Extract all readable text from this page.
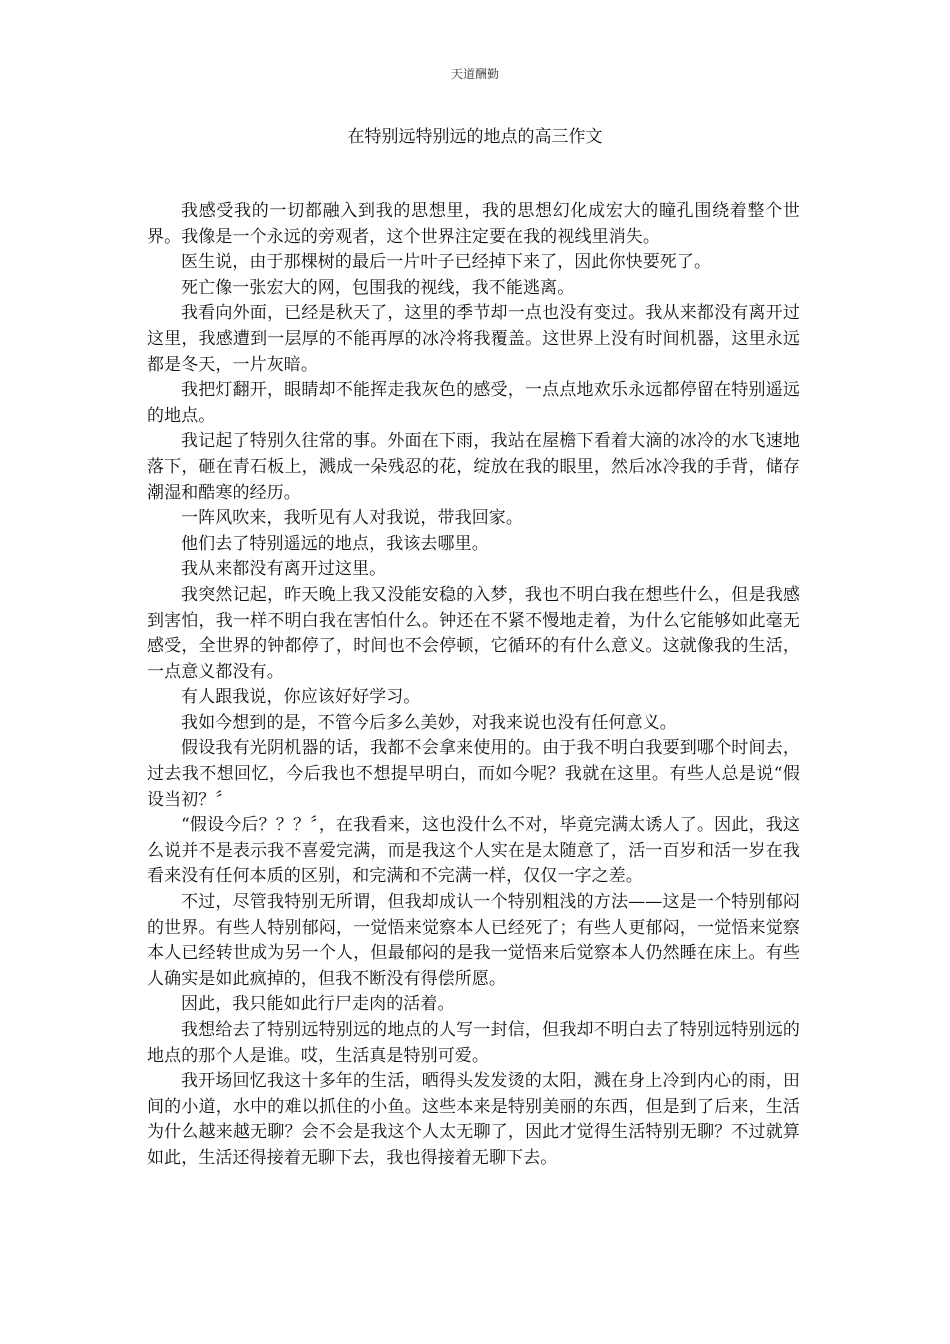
天道酬勤
在特别远特别远的地点的高三作文

我感受我的一切都融入到我的思想里，我的思想幻化成宏大的瞳孔围绕着整个世界。我像是一个永远的旁观者，这个世界注定要在我的视线里消失。

医生说，由于那棵树的最后一片叶子已经掉下来了，因此你快要死了。

死亡像一张宏大的网，包围我的视线，我不能逃离。

我看向外面，已经是秋天了，这里的季节却一点也没有变过。我从来都没有离开过这里，我感遭到一层厚的不能再厚的冰冷将我覆盖。这世界上没有时间机器，这里永远都是冬天，一片灰暗。

我把灯翻开，眼睛却不能挥走我灰色的感受，一点点地欢乐永远都停留在特别遥远的地点。

我记起了特别久往常的事。外面在下雨，我站在屋檐下看着大滴的冰冷的水飞速地落下，砸在青石板上，溅成一朵残忍的花，绽放在我的眼里，然后冰冷我的手背，储存潮湿和酷寒的经历。

一阵风吹来，我听见有人对我说，带我回家。

他们去了特别遥远的地点，我该去哪里。

我从来都没有离开过这里。

我突然记起，昨天晚上我又没能安稳的入梦，我也不明白我在想些什么，但是我感到害怕，我一样不明白我在害怕什么。钟还在不紧不慢地走着，为什么它能够如此毫无感受，全世界的钟都停了，时间也不会停顿，它循环的有什么意义。这就像我的生活，一点意义都没有。

有人跟我说，你应该好好学习。

我如今想到的是，不管今后多么美妙，对我来说也没有任何意义。

假设我有光阴机器的话，我都不会拿来使用的。由于我不明白我要到哪个时间去，过去我不想回忆，今后我也不想提早明白，而如今呢？我就在这里。有些人总是说“假设当初？〞

“假设今后？？？〞，在我看来，这也没什么不对，毕竟完满太诱人了。因此，我这么说并不是表示我不喜爱完满，而是我这个人实在是太随意了，活一百岁和活一岁在我看来没有任何本质的区别，和完满和不完满一样，仅仅一字之差。

不过，尽管我特别无所谓，但我却成认一个特别粗浅的方法——这是一个特别郁闷的世界。有些人特别郁闷，一觉悟来觉察本人已经死了；有些人更郁闷，一觉悟来觉察本人已经转世成为另一个人，但最郁闷的是我一觉悟来后觉察本人仍然睡在床上。有些人确实是如此疯掉的，但我不断没有得偿所愿。

因此，我只能如此行尸走肉的活着。

我想给去了特别远特别远的地点的人写一封信，但我却不明白去了特别远特别远的地点的那个人是谁。哎，生活真是特别可爱。

我开场回忆我这十多年的生活，晒得头发发烫的太阳，溅在身上冷到内心的雨，田间的小道，水中的难以抓住的小鱼。这些本来是特别美丽的东西，但是到了后来，生活为什么越来越无聊？会不会是我这个人太无聊了，因此才觉得生活特别无聊？不过就算如此，生活还得接着无聊下去，我也得接着无聊下去。
